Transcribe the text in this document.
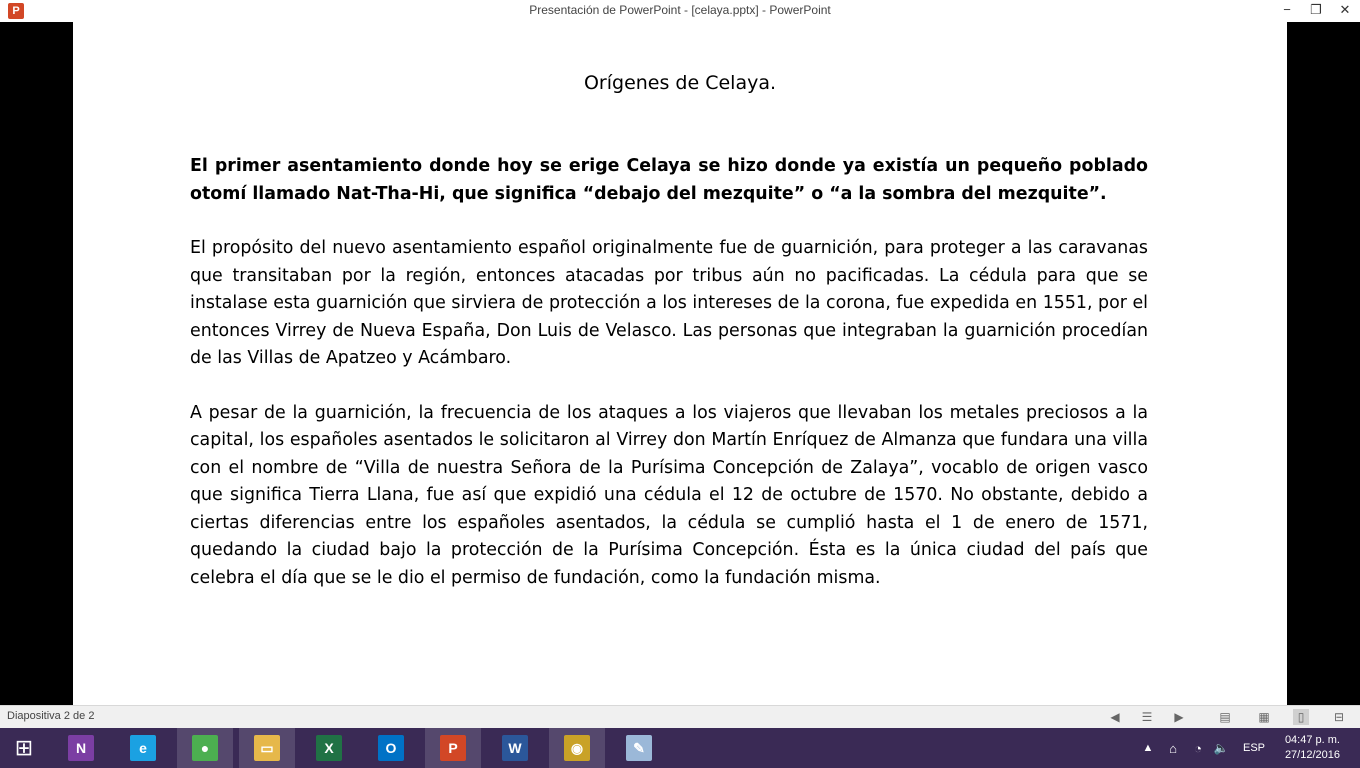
P	Presentación de PowerPoint - [celaya.pptx] - PowerPoint	−	❐	✕
Orígenes de Celaya.

El primer asentamiento donde hoy se erige Celaya se hizo donde ya existía un pequeño poblado otomí llamado Nat-Tha-Hi, que significa “debajo del mezquite” o “a la sombra del mezquite”.

El propósito del nuevo asentamiento español originalmente fue de guarnición, para proteger a las caravanas que transitaban por la región, entonces atacadas por tribus aún no pacificadas. La cédula para que se instalase esta guarnición que sirviera de protección a los intereses de la corona, fue expedida en 1551, por el entonces Virrey de Nueva España, Don Luis de Velasco. Las personas que integraban la guarnición procedían de las Villas de Apatzeo y Acámbaro.

A pesar de la guarnición, la frecuencia de los ataques a los viajeros que llevaban los metales preciosos a la capital, los españoles asentados le solicitaron al Virrey don Martín Enríquez de Almanza que fundara una villa con el nombre de “Villa de nuestra Señora de la Purísima Concepción de Zalaya”, vocablo de origen vasco que significa Tierra Llana, fue así que expidió una cédula el 12 de octubre de 1570. No obstante, debido a ciertas diferencias entre los españoles asentados, la cédula se cumplió hasta el 1 de enero de 1571, quedando la ciudad bajo la protección de la Purísima Concepción. Ésta es la única ciudad del país que celebra el día que se le dio el permiso de fundación, como la fundación misma.

Diapositiva 2 de 2	◀ ☰ ▶	▤ ▦	▯	⊟
⊞	N	e	●	▭	X	O	P	W	◉	✎	▲	⌂	◔ 🔈	ESP
04:47 p. m.
27/12/2016
